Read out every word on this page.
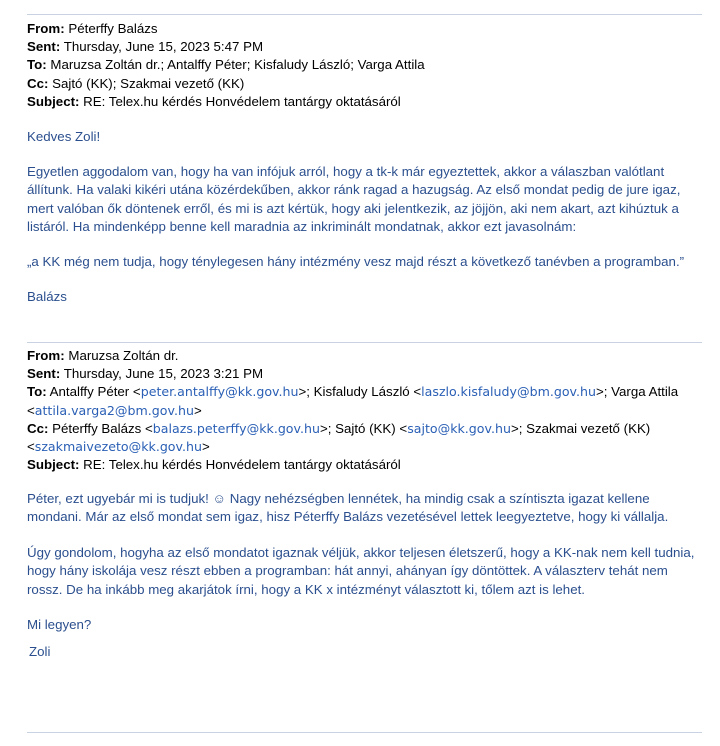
From: Péterffy Balázs
Sent: Thursday, June 15, 2023 5:47 PM
To: Maruzsa Zoltán dr.; Antalffy Péter; Kisfaludy László; Varga Attila
Cc: Sajtó (KK); Szakmai vezető (KK)
Subject: RE: Telex.hu kérdés Honvédelem tantárgy oktatásáról
Kedves Zoli!
Egyetlen aggodalom van, hogy ha van infójuk arról, hogy a tk-k már egyeztettek, akkor a válaszban valótlant állítunk. Ha valaki kikéri utána közérdekűben, akkor ránk ragad a hazugság. Az első mondat pedig de jure igaz, mert valóban ők döntenek erről, és mi is azt kértük, hogy aki jelentkezik, az jöjjön, aki nem akart, azt kihúztuk a listáról. Ha mindenképp benne kell maradnia az inkriminált mondatnak, akkor ezt javasolnám:
„a KK még nem tudja, hogy ténylegesen hány intézmény vesz majd részt a következő tanévben a programban.”
Balázs
From: Maruzsa Zoltán dr.
Sent: Thursday, June 15, 2023 3:21 PM
To: Antalffy Péter <peter.antalffy@kk.gov.hu>; Kisfaludy László <laszlo.kisfaludy@bm.gov.hu>; Varga Attila
<attila.varga2@bm.gov.hu>
Cc: Péterffy Balázs <balazs.peterffy@kk.gov.hu>; Sajtó (KK) <sajto@kk.gov.hu>; Szakmai vezető (KK)
<szakmaivezeto@kk.gov.hu>
Subject: RE: Telex.hu kérdés Honvédelem tantárgy oktatásáról
Péter, ezt ugyebár mi is tudjuk! ☺ Nagy nehézségben lennétek, ha mindig csak a színtiszta igazat kellene mondani. Már az első mondat sem igaz, hisz Péterffy Balázs vezetésével lettek leegyeztetve, hogy ki vállalja.
Úgy gondolom, hogyha az első mondatot igaznak véljük, akkor teljesen életszerű, hogy a KK-nak nem kell tudnia, hogy hány iskolája vesz részt ebben a programban: hát annyi, ahányan így döntöttek. A választerv tehát nem rossz. De ha inkább meg akarjátok írni, hogy a KK x intézményt választott ki, tőlem azt is lehet.
Mi legyen?
Zoli
